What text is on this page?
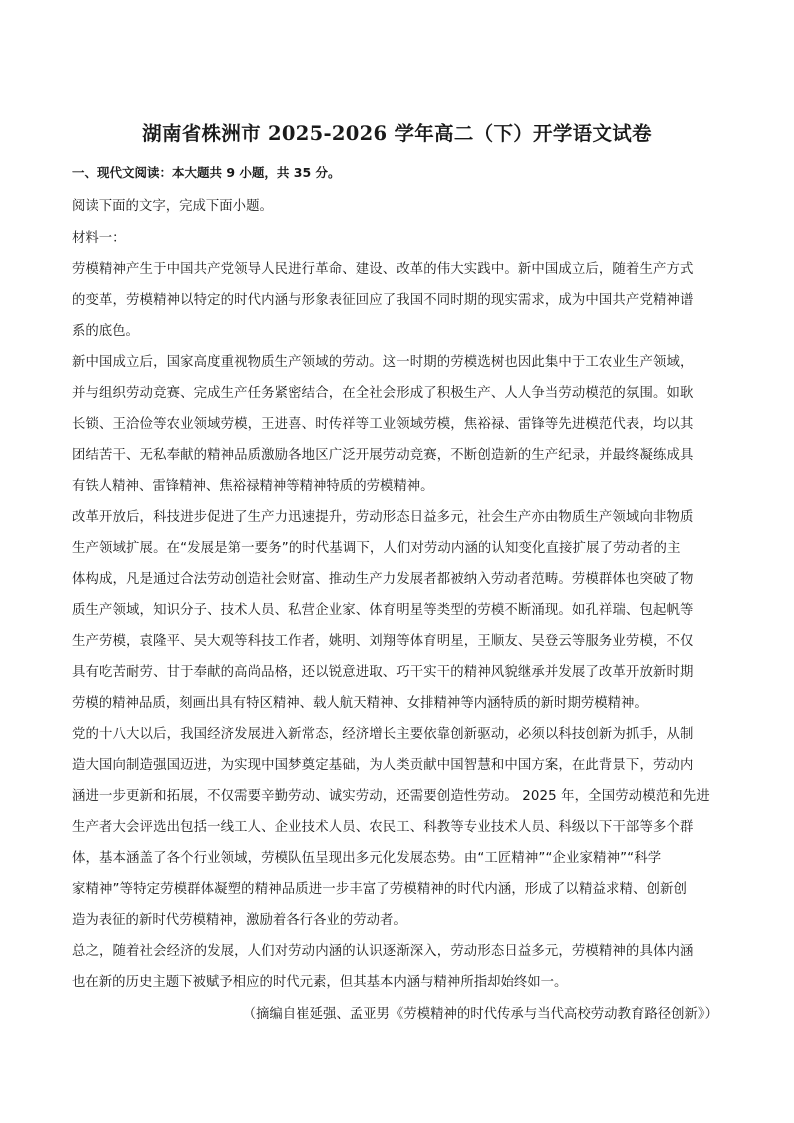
湖南省株洲市 2025-2026 学年高二（下）开学语文试卷
一、现代文阅读：本大题共 9 小题，共 35 分。
阅读下面的文字，完成下面小题。
材料一：
劳模精神产生于中国共产党领导人民进行革命、建设、改革的伟大实践中。新中国成立后，随着生产方式
的变革，劳模精神以特定的时代内涵与形象表征回应了我国不同时期的现实需求，成为中国共产党精神谱
系的底色。
新中国成立后，国家高度重视物质生产领域的劳动。这一时期的劳模选树也因此集中于工农业生产领域，
并与组织劳动竞赛、完成生产任务紧密结合，在全社会形成了积极生产、人人争当劳动模范的氛围。如耿
长锁、王洽俭等农业领域劳模，王进喜、时传祥等工业领域劳模，焦裕禄、雷锋等先进模范代表，均以其
团结苦干、无私奉献的精神品质激励各地区广泛开展劳动竞赛，不断创造新的生产纪录，并最终凝练成具
有铁人精神、雷锋精神、焦裕禄精神等精神特质的劳模精神。
改革开放后，科技进步促进了生产力迅速提升，劳动形态日益多元，社会生产亦由物质生产领域向非物质
生产领域扩展。在“发展是第一要务”的时代基调下，人们对劳动内涵的认知变化直接扩展了劳动者的主
体构成，凡是通过合法劳动创造社会财富、推动生产力发展者都被纳入劳动者范畴。劳模群体也突破了物
质生产领域，知识分子、技术人员、私营企业家、体育明星等类型的劳模不断涌现。如孔祥瑞、包起帆等
生产劳模，袁隆平、吴大观等科技工作者，姚明、刘翔等体育明星，王顺友、吴登云等服务业劳模，不仅
具有吃苦耐劳、甘于奉献的高尚品格，还以锐意进取、巧干实干的精神风貌继承并发展了改革开放新时期
劳模的精神品质，刻画出具有特区精神、载人航天精神、女排精神等内涵特质的新时期劳模精神。
党的十八大以后，我国经济发展进入新常态，经济增长主要依靠创新驱动，必须以科技创新为抓手，从制
造大国向制造强国迈进，为实现中国梦奠定基础，为人类贡献中国智慧和中国方案，在此背景下，劳动内
涵进一步更新和拓展，不仅需要辛勤劳动、诚实劳动，还需要创造性劳动。 2025 年，全国劳动模范和先进
生产者大会评选出包括一线工人、企业技术人员、农民工、科教等专业技术人员、科级以下干部等多个群
体，基本涵盖了各个行业领域，劳模队伍呈现出多元化发展态势。由“工匠精神”“企业家精神”“科学
家精神”等特定劳模群体凝塑的精神品质进一步丰富了劳模精神的时代内涵，形成了以精益求精、创新创
造为表征的新时代劳模精神，激励着各行各业的劳动者。
总之，随着社会经济的发展，人们对劳动内涵的认识逐渐深入，劳动形态日益多元，劳模精神的具体内涵
也在新的历史主题下被赋予相应的时代元素，但其基本内涵与精神所指却始终如一。
（摘编自崔延强、孟亚男《劳模精神的时代传承与当代高校劳动教育路径创新》）
